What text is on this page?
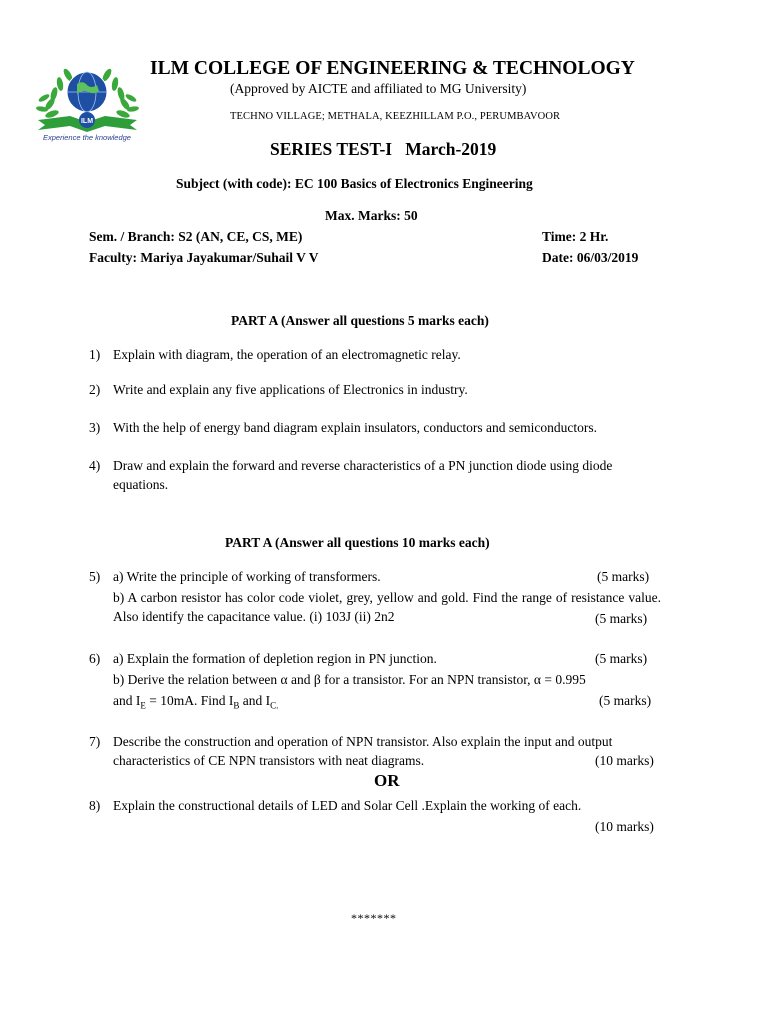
ILM
Experience the knowledge
ILM COLLEGE OF ENGINEERING & TECHNOLOGY
(Approved by AICTE and affiliated to MG University)
TECHNO VILLAGE; METHALA, KEEZHILLAM P.O., PERUMBAVOOR
SERIES TEST-I   March-2019
Subject (with code): EC 100 Basics of Electronics Engineering
Max. Marks: 50
Sem. / Branch: S2 (AN, CE, CS, ME)	Time: 2 Hr.
Faculty: Mariya Jayakumar/Suhail V V	Date: 06/03/2019
PART A (Answer all questions 5 marks each)
1) Explain with diagram, the operation of an electromagnetic relay.
2) Write and explain any five applications of Electronics in industry.
3) With the help of energy band diagram explain insulators, conductors and semiconductors.
4) Draw and explain the forward and reverse characteristics of a PN junction diode using diode equations.
PART A (Answer all questions 10 marks each)
5) a) Write the principle of working of transformers.	(5 marks)
b) A carbon resistor has color code violet, grey, yellow and gold. Find the range of resistance value. Also identify the capacitance value. (i) 103J (ii) 2n2	(5 marks)
6) a) Explain the formation of depletion region in PN junction.	(5 marks)
b) Derive the relation between α and β for a transistor. For an NPN transistor, α = 0.995
and $I_E = 10mA$. Find $I_B$ and $I_{C.}$	(5 marks)
7) Describe the construction and operation of NPN transistor. Also explain the input and output
characteristics of CE NPN transistors with neat diagrams.	(10 marks)
OR
8) Explain the constructional details of LED and Solar Cell .Explain the working of each.
(10 marks)
*******
